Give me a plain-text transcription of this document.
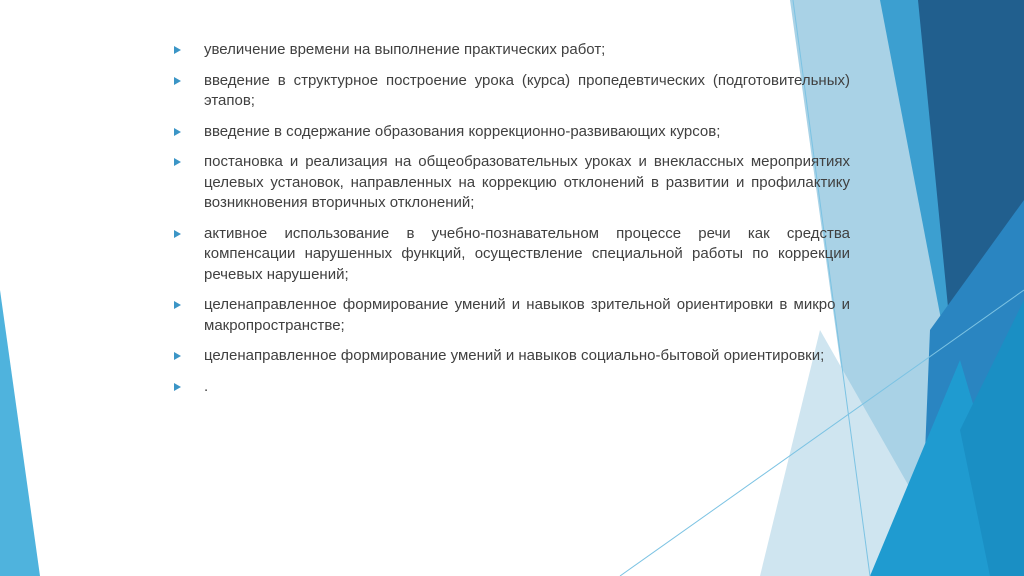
увеличение времени на выполнение практических работ;
введение в структурное построение урока (курса) пропедевтических (подготовительных) этапов;
введение в содержание образования коррекционно-развивающих курсов;
постановка и реализация на общеобразовательных уроках и внеклассных мероприятиях целевых установок, направленных на коррекцию отклонений в развитии и профилактику возникновения вторичных отклонений;
активное использование в учебно-познавательном процессе речи как средства компенсации нарушенных функций, осуществление специальной работы по коррекции речевых нарушений;
целенаправленное формирование умений и навыков зрительной ориентировки в микро и макропространстве;
целенаправленное формирование умений и навыков социально-бытовой ориентировки;
.
